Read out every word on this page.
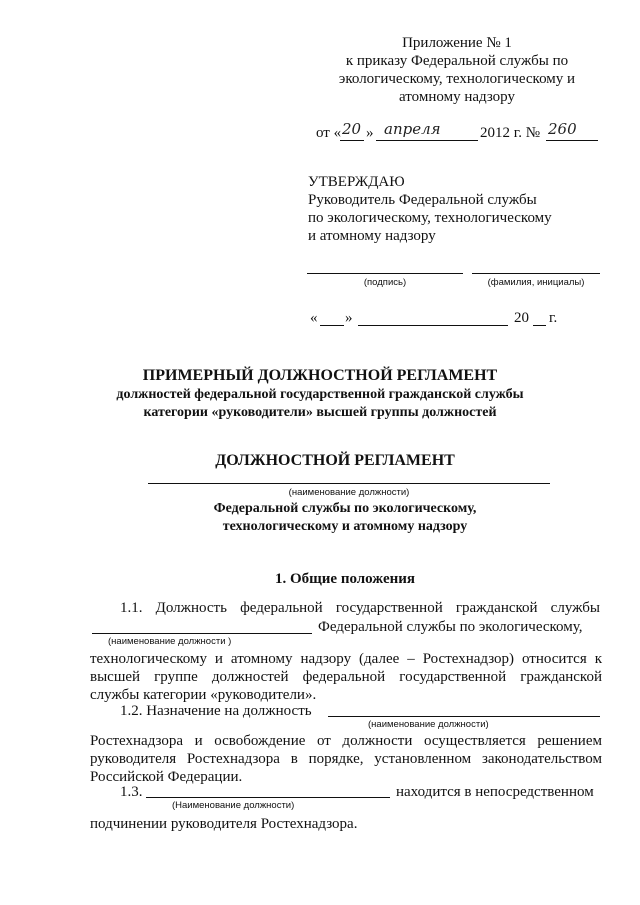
Приложение № 1
к приказу Федеральной службы по
экологическому, технологическому и
атомному надзору
от « 20 » апреля	2012 г. № 260
УТВЕРЖДАЮ
Руководитель Федеральной службы
по экологическому, технологическому
и атомному надзору
(подпись)	(фамилия, инициалы)
« »	20 г.
ПРИМЕРНЫЙ ДОЛЖНОСТНОЙ РЕГЛАМЕНТ
должностей федеральной государственной гражданской службы
категории «руководители» высшей группы должностей
ДОЛЖНОСТНОЙ РЕГЛАМЕНТ
(наименование должности)
Федеральной службы по экологическому,
технологическому и атомному надзору
1. Общие положения
1.1. Должность федеральной государственной гражданской службы
Федеральной службы по экологическому,
(наименование должности )
технологическому и атомному надзору (далее – Ростехнадзор) относится к
высшей группе должностей федеральной государственной гражданской
службы категории «руководители».
1.2. Назначение на должность
(наименование должности)
Ростехнадзора и освобождение от должности осуществляется решением
руководителя Ростехнадзора в порядке, установленном законодательством
Российской Федерации.
1.3.	находится в непосредственном
(Наименование должности)
подчинении руководителя Ростехнадзора.
